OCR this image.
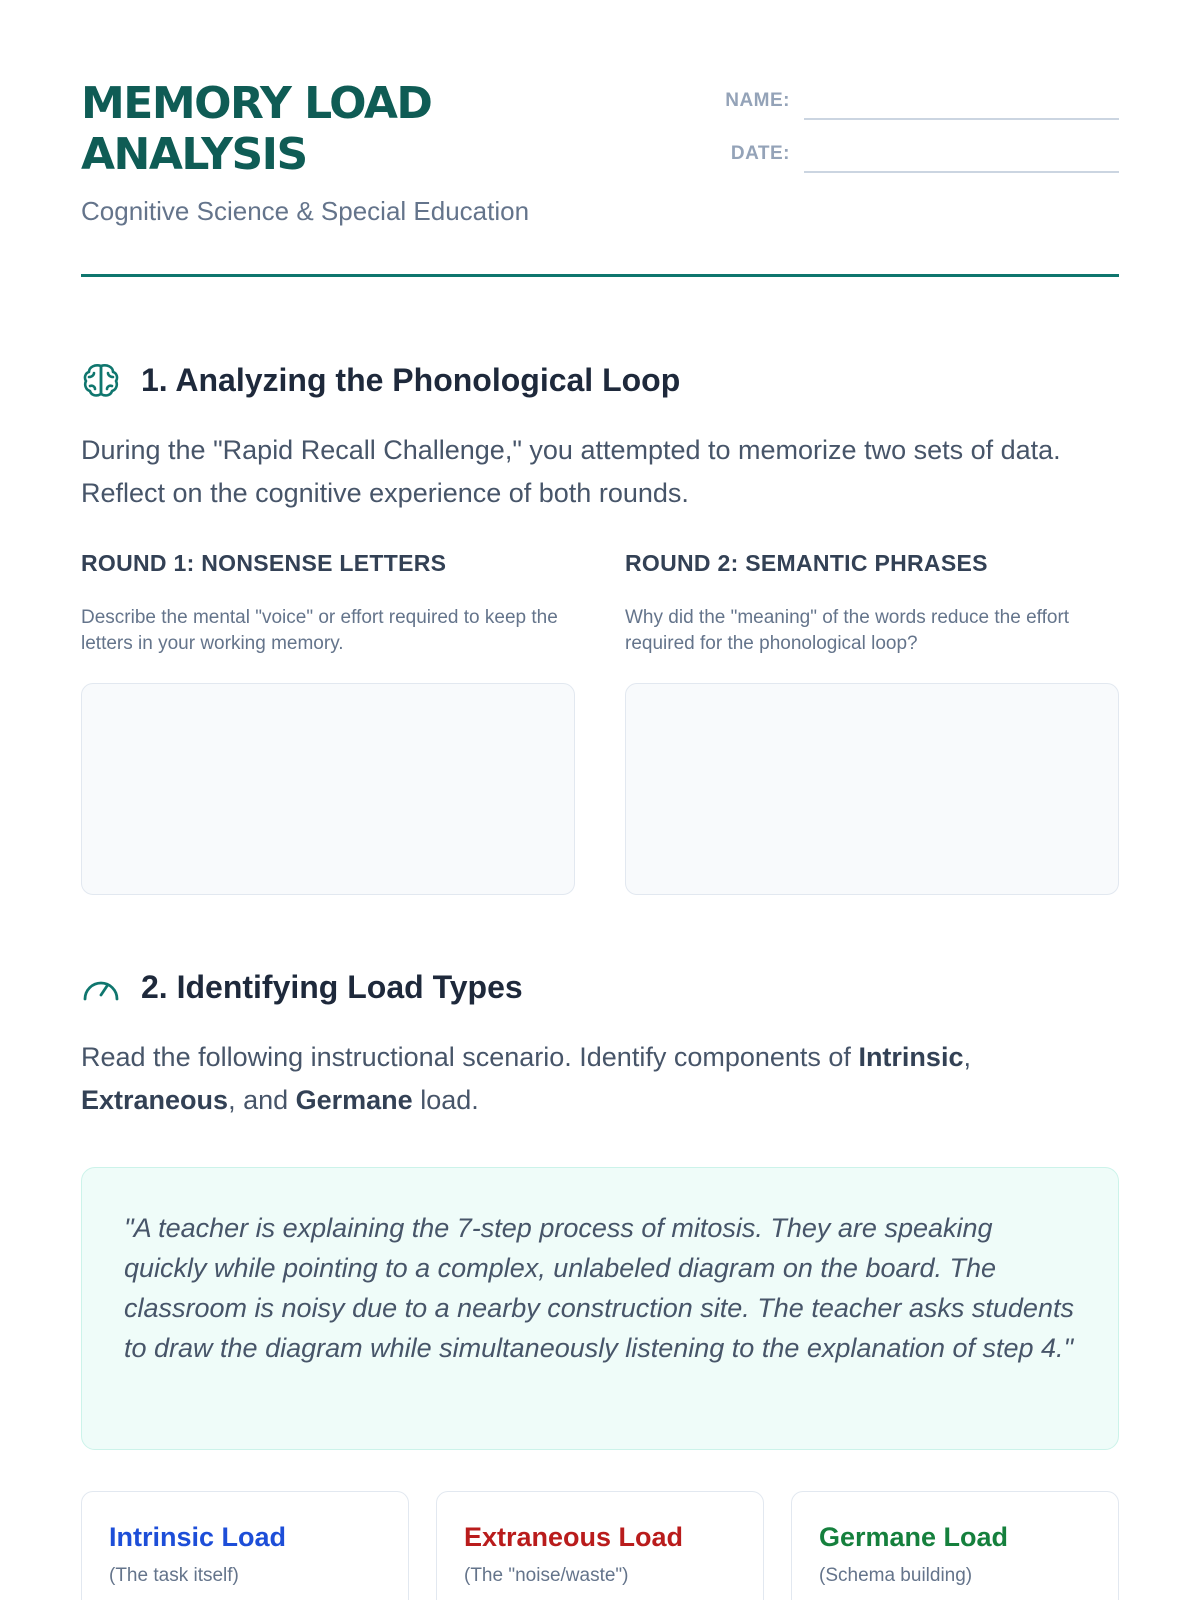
MEMORY LOAD ANALYSIS
Cognitive Science & Special Education
NAME:
DATE:
1. Analyzing the Phonological Loop

During the "Rapid Recall Challenge," you attempted to memorize two sets of data. Reflect on the cognitive experience of both rounds.

ROUND 1: NONSENSE LETTERS
Describe the mental "voice" or effort required to keep the letters in your working memory.
ROUND 2: SEMANTIC PHRASES
Why did the "meaning" of the words reduce the effort required for the phonological loop?
2. Identifying Load Types

Read the following instructional scenario. Identify components of Intrinsic, Extraneous, and Germane load.

"A teacher is explaining the 7-step process of mitosis. They are speaking quickly while pointing to a complex, unlabeled diagram on the board. The classroom is noisy due to a nearby construction site. The teacher asks students to draw the diagram while simultaneously listening to the explanation of step 4."
Intrinsic Load
(The task itself)
Extraneous Load
(The "noise/waste")
Germane Load
(Schema building)
